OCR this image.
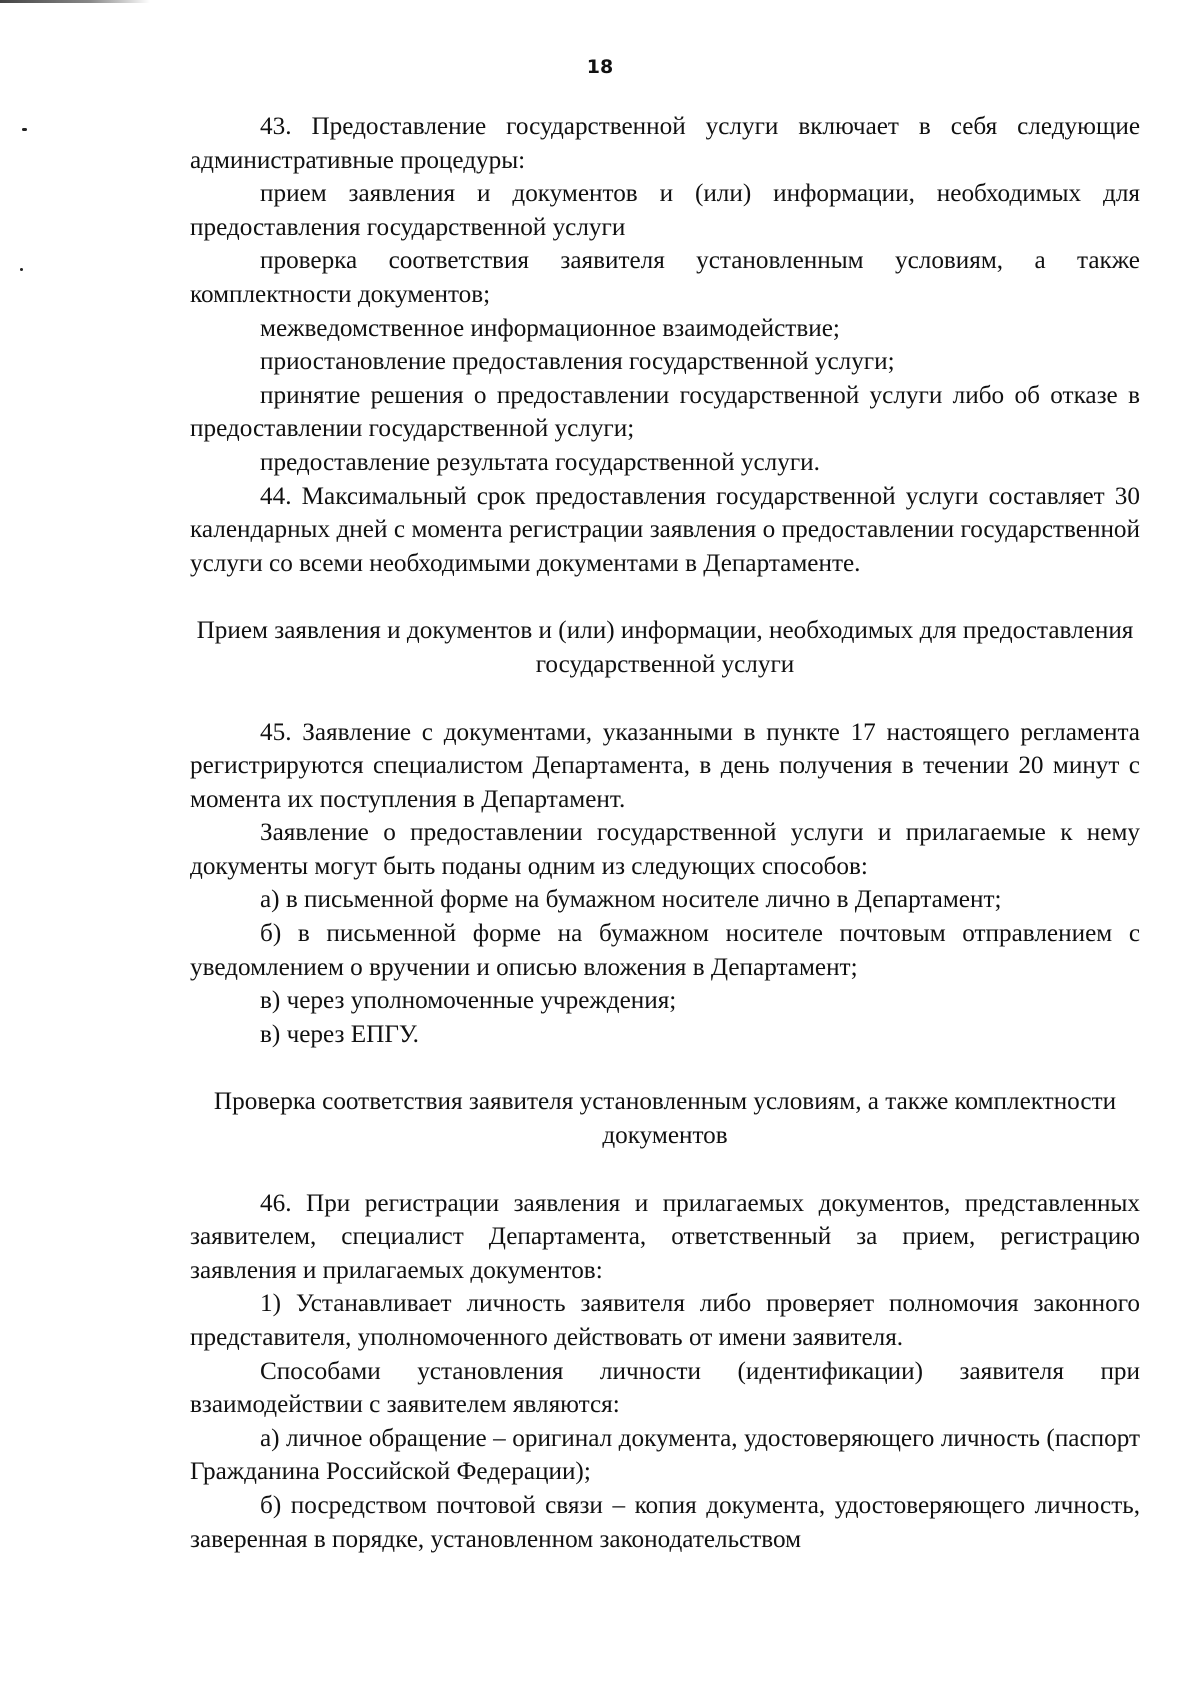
18

43. Предоставление государственной услуги включает в себя следующие административные процедуры:

прием заявления и документов и (или) информации, необходимых для предоставления государственной услуги

проверка соответствия заявителя установленным условиям, а также комплектности документов;

межведомственное информационное взаимодействие;

приостановление предоставления государственной услуги;

принятие решения о предоставлении государственной услуги либо об отказе в предоставлении государственной услуги;

предоставление результата государственной услуги.

44. Максимальный срок предоставления государственной услуги составляет 30 календарных дней с момента регистрации заявления о предоставлении государственной услуги со всеми необходимыми документами в Департаменте.

Прием заявления и документов и (или) информации, необходимых для предоставления государственной услуги

45. Заявление с документами, указанными в пункте 17 настоящего регламента регистрируются специалистом Департамента, в день получения в течении 20 минут с момента их поступления в Департамент.

Заявление о предоставлении государственной услуги и прилагаемые к нему документы могут быть поданы одним из следующих способов:

а) в письменной форме на бумажном носителе лично в Департамент;

б) в письменной форме на бумажном носителе почтовым отправлением с уведомлением о вручении и описью вложения в Департамент;

в) через уполномоченные учреждения;

в) через ЕПГУ.

Проверка соответствия заявителя установленным условиям, а также комплектности документов

46. При регистрации заявления и прилагаемых документов, представленных заявителем, специалист Департамента, ответственный за прием, регистрацию заявления и прилагаемых документов:

1) Устанавливает личность заявителя либо проверяет полномочия законного представителя, уполномоченного действовать от имени заявителя.

Способами установления личности (идентификации) заявителя при взаимодействии с заявителем являются:

а) личное обращение – оригинал документа, удостоверяющего личность (паспорт Гражданина Российской Федерации);

б) посредством почтовой связи – копия документа, удостоверяющего личность, заверенная в порядке, установленном законодательством
